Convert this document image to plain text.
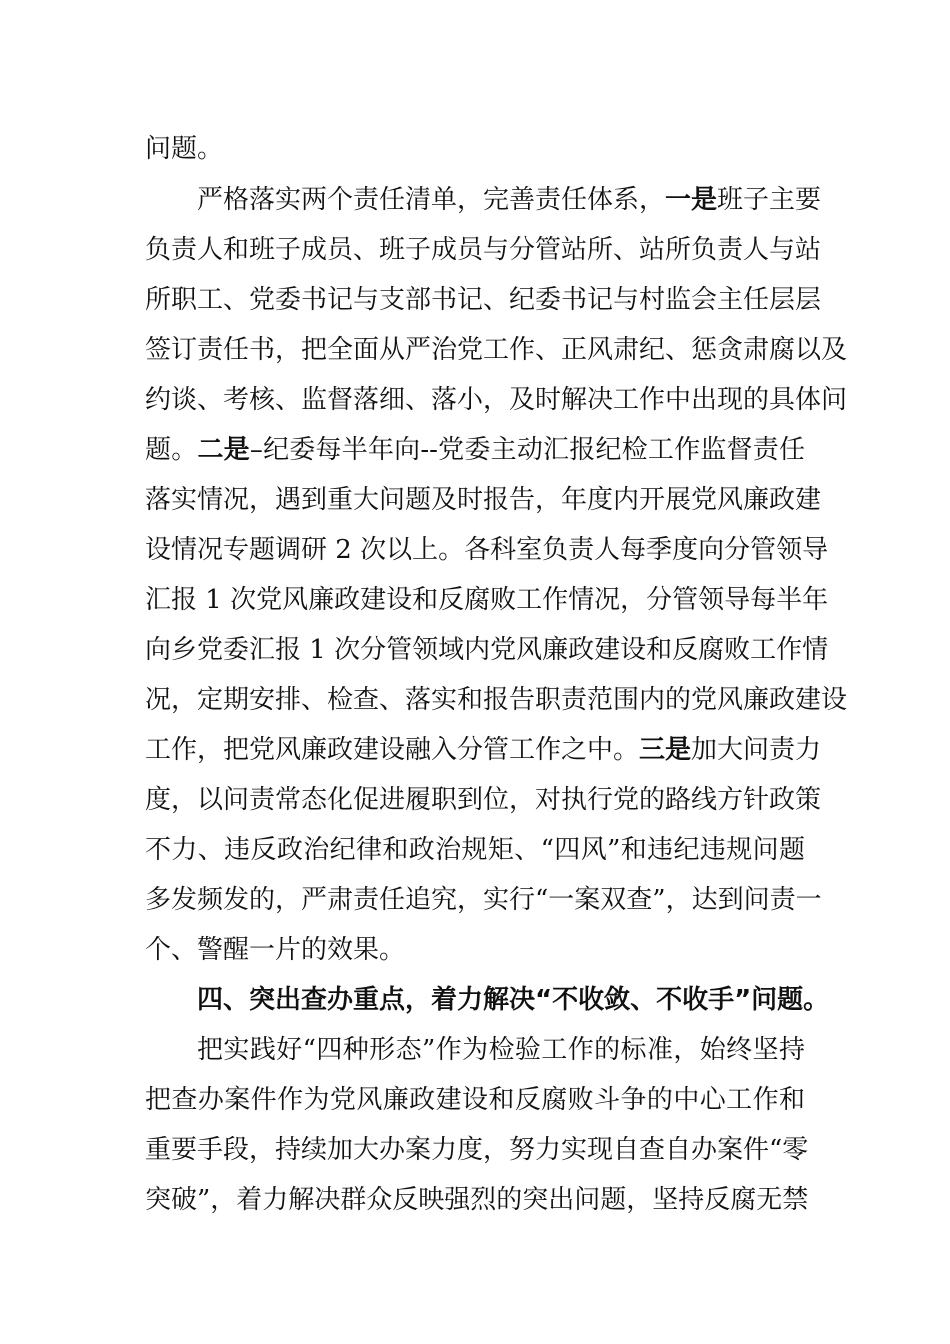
问题。
严格落实两个责任清单，完善责任体系，一是班子主要
负责人和班子成员、班子成员与分管站所、站所负责人与站
所职工、党委书记与支部书记、纪委书记与村监会主任层层
签订责任书，把全面从严治党工作、正风肃纪、惩贪肃腐以及
约谈、考核、监督落细、落小，及时解决工作中出现的具体问
题。二是–纪委每半年向--党委主动汇报纪检工作监督责任
落实情况，遇到重大问题及时报告，年度内开展党风廉政建
设情况专题调研 2 次以上。各科室负责人每季度向分管领导
汇报 1 次党风廉政建设和反腐败工作情况，分管领导每半年
向乡党委汇报 1 次分管领域内党风廉政建设和反腐败工作情
况，定期安排、检查、落实和报告职责范围内的党风廉政建设
工作，把党风廉政建设融入分管工作之中。三是加大问责力
度，以问责常态化促进履职到位，对执行党的路线方针政策
不力、违反政治纪律和政治规矩、“四风”和违纪违规问题
多发频发的，严肃责任追究，实行“一案双查”，达到问责一
个、警醒一片的效果。
四、突出查办重点，着力解决“不收敛、不收手”问题。
把实践好“四种形态”作为检验工作的标准，始终坚持
把查办案件作为党风廉政建设和反腐败斗争的中心工作和
重要手段，持续加大办案力度，努力实现自查自办案件“零
突破”，着力解决群众反映强烈的突出问题，坚持反腐无禁
